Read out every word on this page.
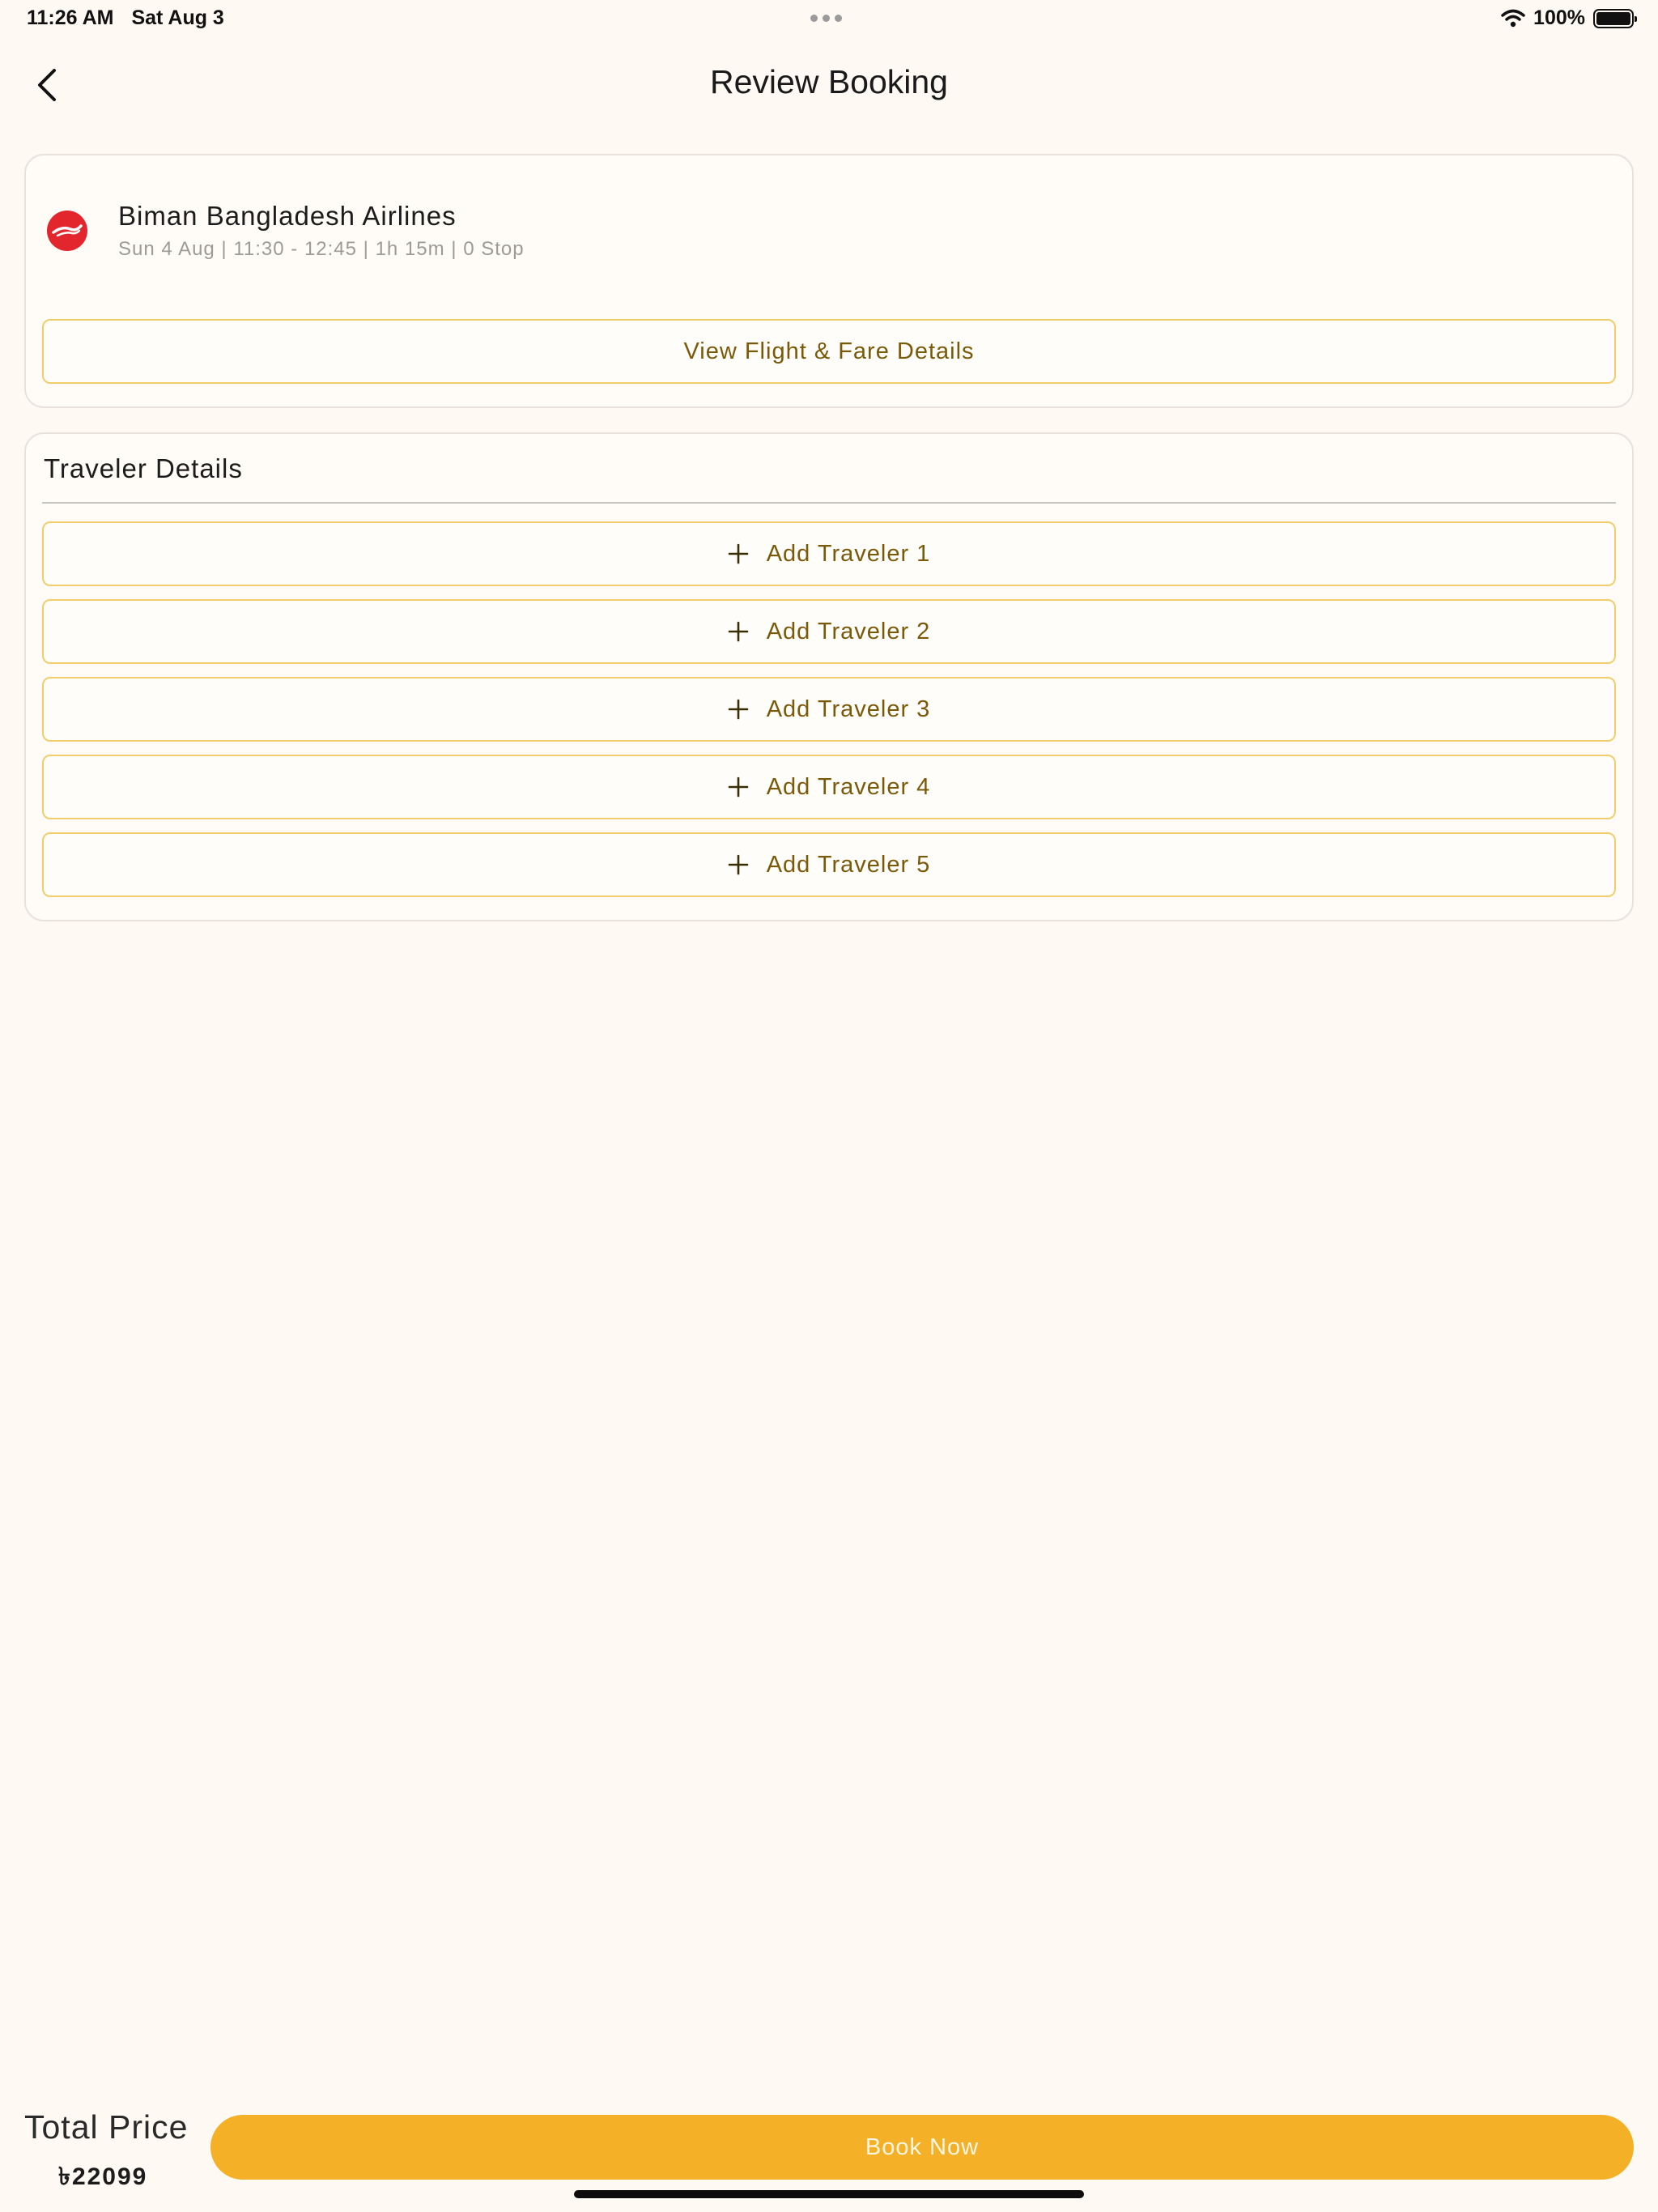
11:26 AM Sat Aug 3	100%
Review Booking
Biman Bangladesh Airlines
Sun 4 Aug | 11:30 - 12:45 | 1h 15m | 0 Stop
View Flight & Fare Details
Traveler Details
Add Traveler 1
Add Traveler 2
Add Traveler 3
Add Traveler 4
Add Traveler 5
Total Price
৳22099
Book Now
